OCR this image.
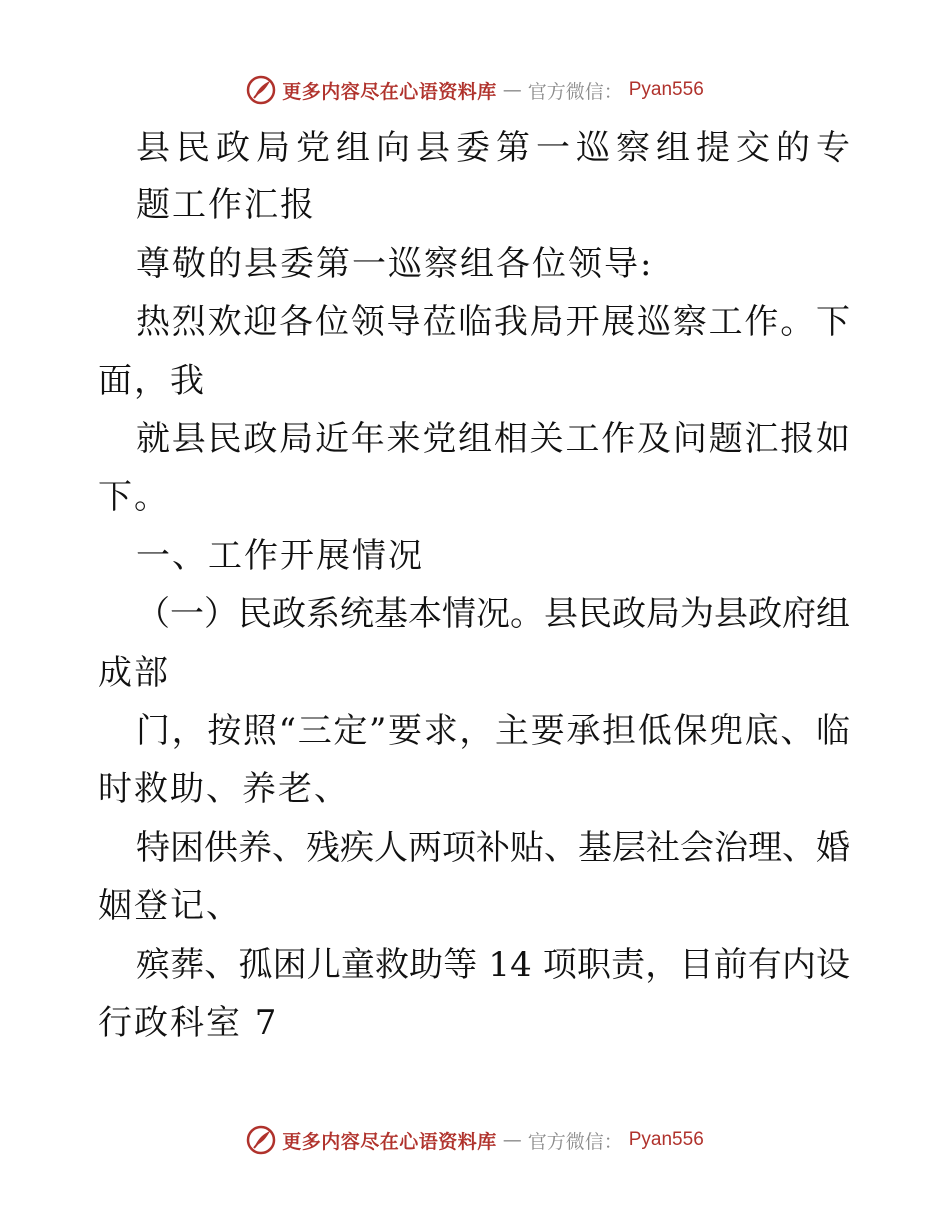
更多内容尽在心语资料库 — 官方微信： Pyan556
县民政局党组向县委第一巡察组提交的专
题工作汇报
尊敬的县委第一巡察组各位领导:
热烈欢迎各位领导莅临我局开展巡察工作。下
面，我
就县民政局近年来党组相关工作及问题汇报如
下。
一、工作开展情况
（一）民政系统基本情况。县民政局为县政府组
成部
门，按照“三定”要求，主要承担低保兜底、临
时救助、养老、
特困供养、残疾人两项补贴、基层社会治理、婚
姻登记、
殡葬、孤困儿童救助等 14 项职责，目前有内设
行政科室 7
更多内容尽在心语资料库 — 官方微信： Pyan556
